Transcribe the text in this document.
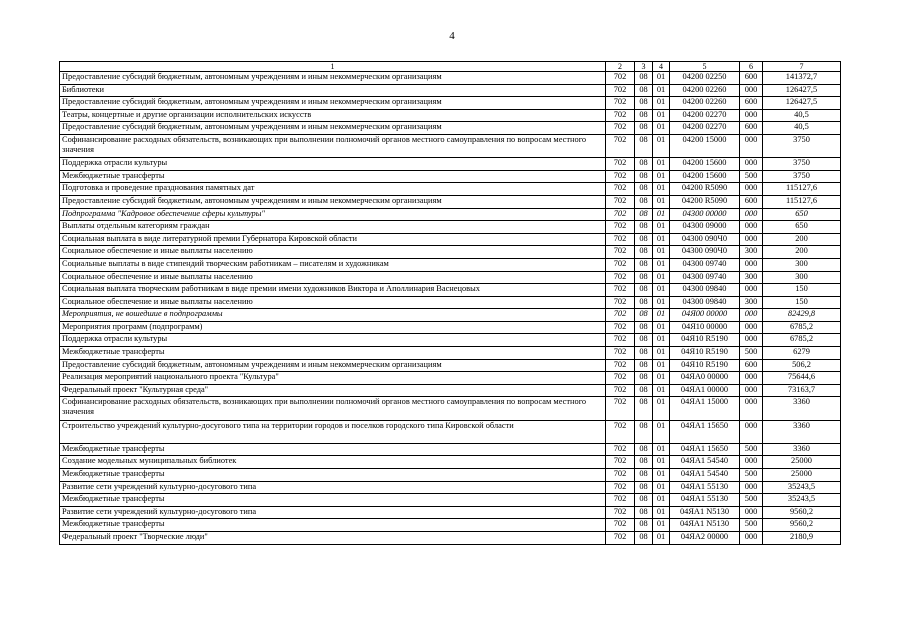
4
1	2	3	4	5	6	7
Предоставление субсидий бюджетным, автономным учреждениям и иным некоммерческим организациям	702	08	01	04200 02250	600	141372,7
Библиотеки	702	08	01	04200 02260	000	126427,5
Предоставление субсидий бюджетным, автономным учреждениям и иным некоммерческим организациям	702	08	01	04200 02260	600	126427,5
Театры, концертные и другие организации исполнительских искусств	702	08	01	04200 02270	000	40,5
Предоставление субсидий бюджетным, автономным учреждениям и иным некоммерческим организациям	702	08	01	04200 02270	600	40,5
Софинансирование расходных обязательств, возникающих при выполнении полномочий органов местного самоуправления по вопросам местного значения	702	08	01	04200 15000	000	3750
Поддержка отрасли культуры	702	08	01	04200 15600	000	3750
Межбюджетные трансферты	702	08	01	04200 15600	500	3750
Подготовка и проведение празднования памятных дат	702	08	01	04200 R5090	000	115127,6
Предоставление субсидий бюджетным, автономным учреждениям и иным некоммерческим организациям	702	08	01	04200 R5090	600	115127,6
Подпрограмма "Кадровое обеспечение сферы культуры"	702	08	01	04300 00000	000	650
Выплаты отдельным категориям граждан	702	08	01	04300 09000	000	650
Социальная выплата в виде литературной премии Губернатора Кировской области	702	08	01	04300 090Ч0	000	200
Социальное обеспечение и иные выплаты населению	702	08	01	04300 090Ч0	300	200
Социальные выплаты в виде стипендий творческим работникам – писателям и художникам	702	08	01	04300 09740	000	300
Социальное обеспечение и иные выплаты населению	702	08	01	04300 09740	300	300
Социальная выплата творческим работникам в виде премии имени художников Виктора и Аполлинария Васнецовых	702	08	01	04300 09840	000	150
Социальное обеспечение и иные выплаты населению	702	08	01	04300 09840	300	150
Мероприятия, не вошедшие в подпрограммы	702	08	01	04Я00 00000	000	82429,8
Мероприятия программ (подпрограмм)	702	08	01	04Я10 00000	000	6785,2
Поддержка отрасли культуры	702	08	01	04Я10 R5190	000	6785,2
Межбюджетные трансферты	702	08	01	04Я10 R5190	500	6279
Предоставление субсидий бюджетным, автономным учреждениям и иным некоммерческим организациям	702	08	01	04Я10 R5190	600	506,2
Реализация мероприятий национального проекта "Культура"	702	08	01	04ЯА0 00000	000	75644,6
Федеральный проект "Культурная среда"	702	08	01	04ЯА1 00000	000	73163,7
Софинансирование расходных обязательств, возникающих при выполнении полномочий органов местного самоуправления по вопросам местного значения	702	08	01	04ЯА1 15000	000	3360
Строительство учреждений культурно-досугового типа на территории городов и поселков городского типа Кировской области	702	08	01	04ЯА1 15650	000	3360
Межбюджетные трансферты	702	08	01	04ЯА1 15650	500	3360
Создание модельных муниципальных библиотек	702	08	01	04ЯА1 54540	000	25000
Межбюджетные трансферты	702	08	01	04ЯА1 54540	500	25000
Развитие сети учреждений культурно-досугового типа	702	08	01	04ЯА1 55130	000	35243,5
Межбюджетные трансферты	702	08	01	04ЯА1 55130	500	35243,5
Развитие сети учреждений культурно-досугового типа	702	08	01	04ЯА1 N5130	000	9560,2
Межбюджетные трансферты	702	08	01	04ЯА1 N5130	500	9560,2
Федеральный проект "Творческие люди"	702	08	01	04ЯА2 00000	000	2180,9
